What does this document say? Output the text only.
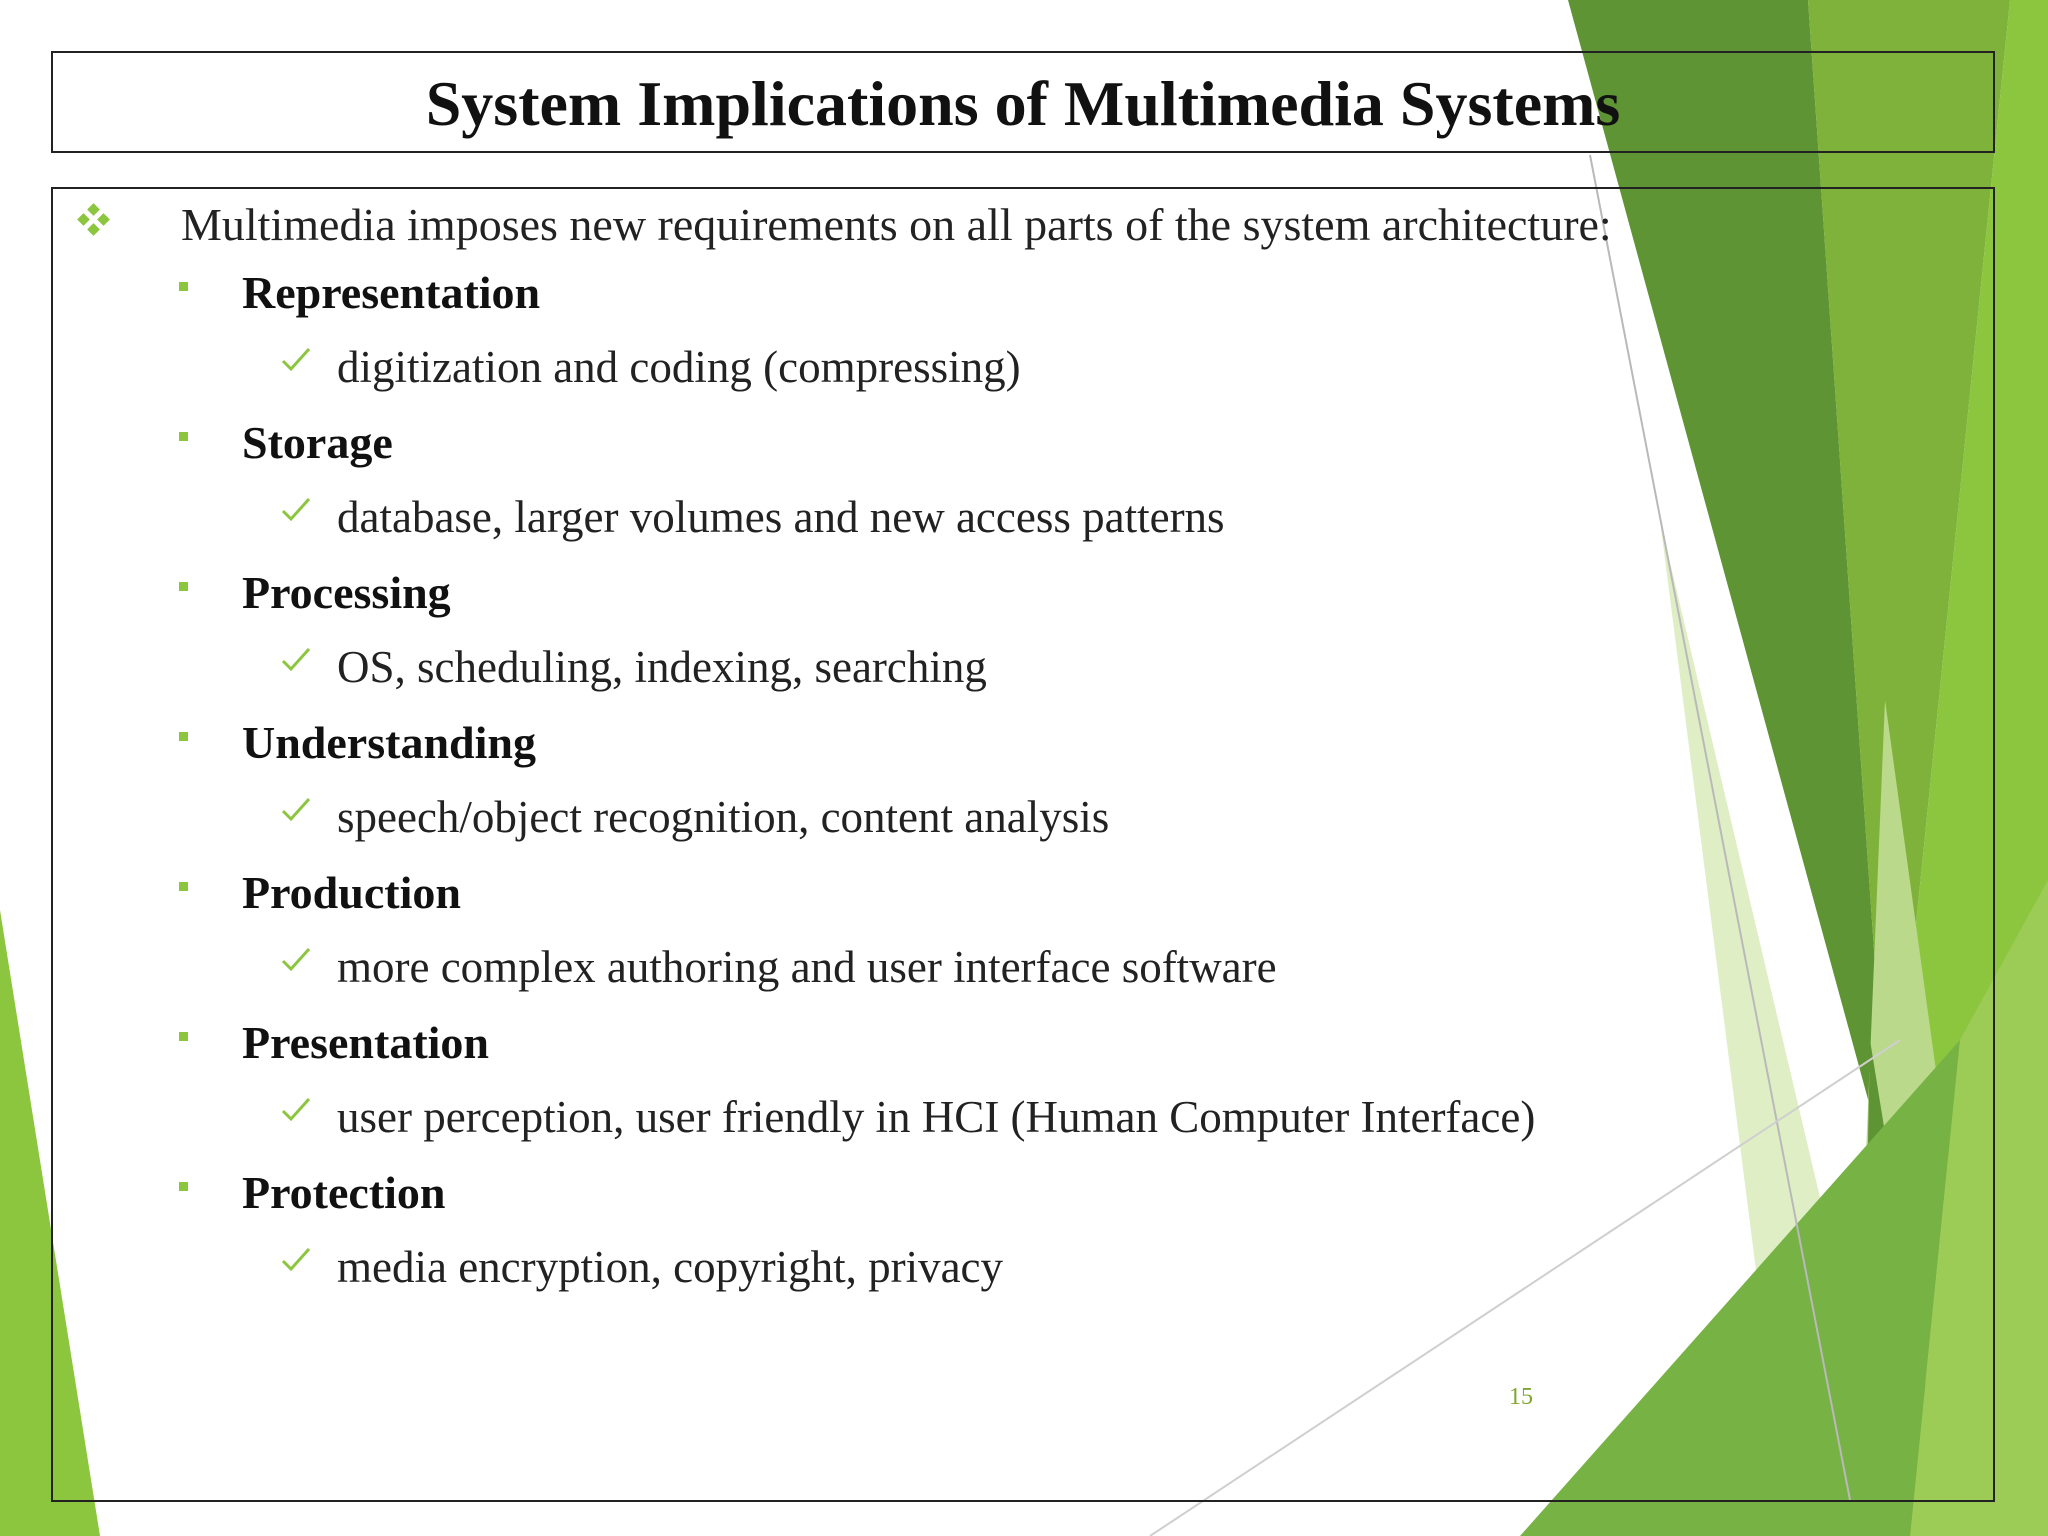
System Implications of Multimedia Systems
Multimedia imposes new requirements on all parts of the system architecture:
Representation
digitization and coding (compressing)
Storage
database, larger volumes and new access patterns
Processing
OS, scheduling, indexing, searching
Understanding
speech/object recognition, content analysis
Production
more complex authoring and user interface software
Presentation
user perception, user friendly in HCI (Human Computer Interface)
Protection
media encryption, copyright, privacy
15
